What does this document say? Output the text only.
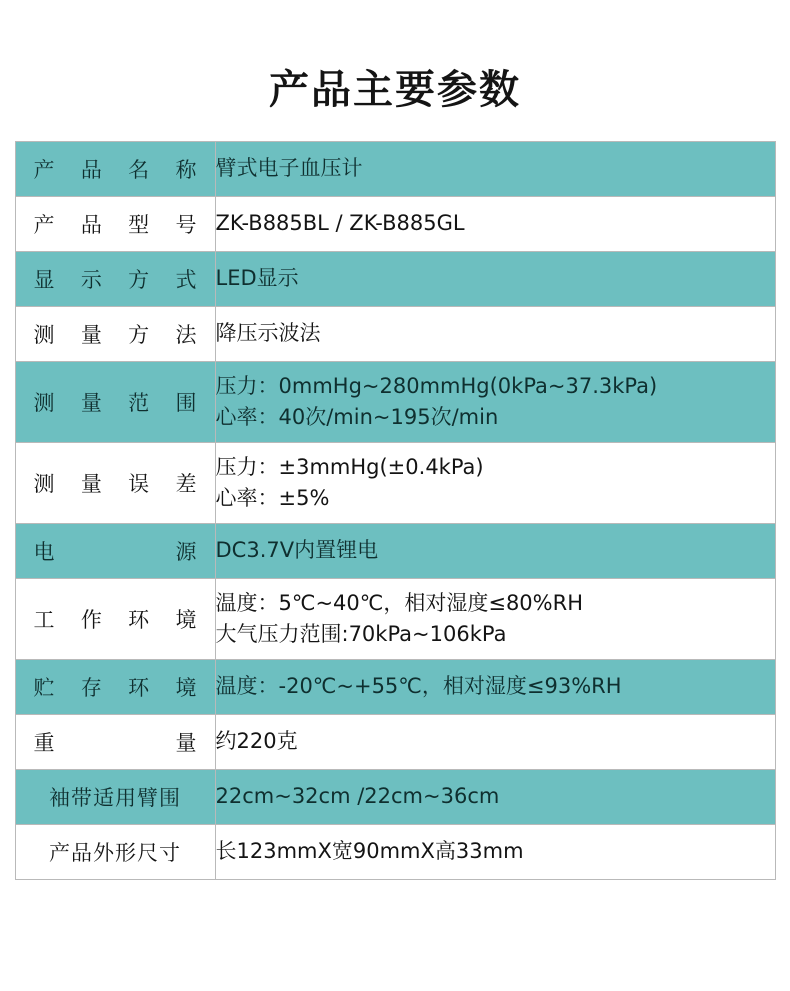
产品主要参数
产品名称	臂式电子血压计

产品型号	ZK-B885BL / ZK-B885GL

显示方式	LED显示

测量方法	降压示波法

测量范围	压力：0mmHg~280mmHg(0kPa~37.3kPa)
心率：40次/min~195次/min

测量误差	压力：±3mmHg(±0.4kPa)
心率：±5%

电源	DC3.7V内置锂电

工作环境	温度：5℃~40℃，相对湿度≤80%RH
大气压力范围:70kPa~106kPa

贮存环境	温度：-20℃~+55℃，相对湿度≤93%RH

重量	约220克

袖带适用臂围	22cm~32cm /22cm~36cm

产品外形尺寸	长123mmX宽90mmX高33mm
